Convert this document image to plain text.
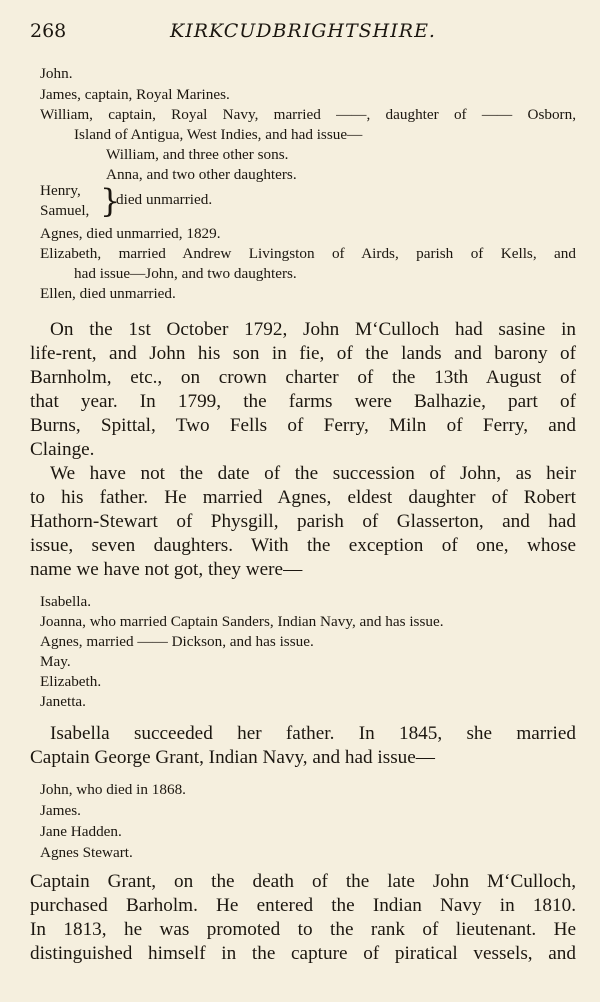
268	KIRKCUDBRIGHTSHIRE.
John.
James, captain, Royal Marines.
William, captain, Royal Navy, married ——, daughter of —— Osborn,
Island of Antigua, West Indies, and had issue—
William, and three other sons.
Anna, and two other daughters.
Henry,
Samuel, }
died unmarried.
Agnes, died unmarried, 1829.
Elizabeth, married Andrew Livingston of Airds, parish of Kells, and
had issue—John, and two daughters.
Ellen, died unmarried.
On the 1st October 1792, John M‘Culloch had sasine in
life-rent, and John his son in fie, of the lands and barony of
Barnholm, etc., on crown charter of the 13th August of
that year. In 1799, the farms were Balhazie, part of
Burns, Spittal, Two Fells of Ferry, Miln of Ferry, and
Clainge.
We have not the date of the succession of John, as heir
to his father. He married Agnes, eldest daughter of Robert
Hathorn-Stewart of Physgill, parish of Glasserton, and had
issue, seven daughters. With the exception of one, whose
name we have not got, they were—
Isabella.
Joanna, who married Captain Sanders, Indian Navy, and has issue.
Agnes, married —— Dickson, and has issue.
May.
Elizabeth.
Janetta.
Isabella succeeded her father. In 1845, she married
Captain George Grant, Indian Navy, and had issue—
John, who died in 1868.
James.
Jane Hadden.
Agnes Stewart.
Captain Grant, on the death of the late John M‘Culloch,
purchased Barholm. He entered the Indian Navy in 1810.
In 1813, he was promoted to the rank of lieutenant. He
distinguished himself in the capture of piratical vessels, and
